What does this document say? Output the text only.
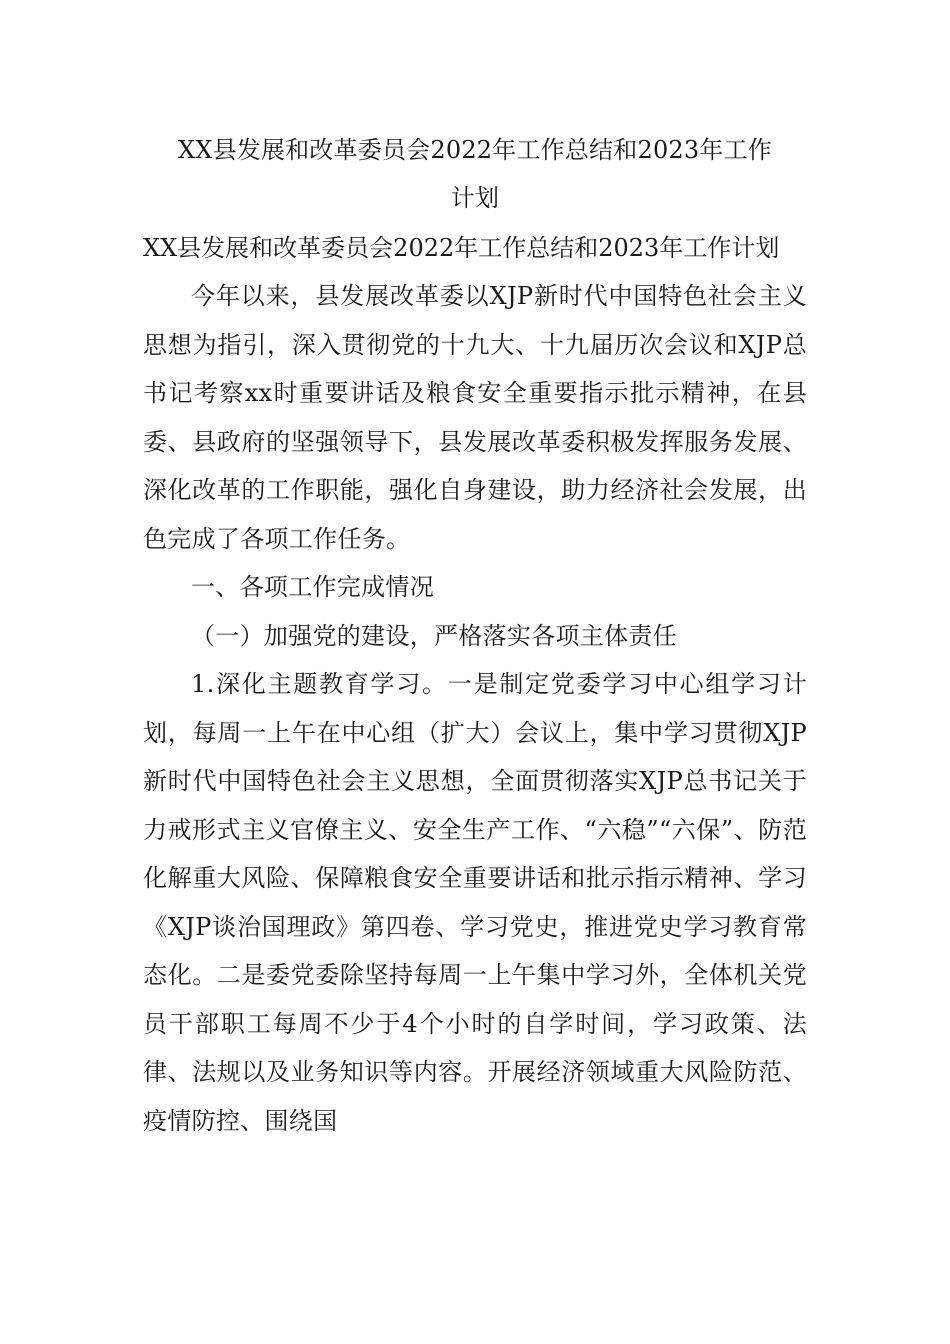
XX县发展和改革委员会2022年工作总结和2023年工作
计划

XX县发展和改革委员会2022年工作总结和2023年工作计划

今年以来，县发展改革委以XJP新时代中国特色社会主义思想为指引，深入贯彻党的十九大、十九届历次会议和XJP总书记考察xx时重要讲话及粮食安全重要指示批示精神，在县委、县政府的坚强领导下，县发展改革委积极发挥服务发展、深化改革的工作职能，强化自身建设，助力经济社会发展，出色完成了各项工作任务。

一、各项工作完成情况

（一）加强党的建设，严格落实各项主体责任

1.深化主题教育学习。一是制定党委学习中心组学习计划，每周一上午在中心组（扩大）会议上，集中学习贯彻XJP新时代中国特色社会主义思想，全面贯彻落实XJP总书记关于力戒形式主义官僚主义、安全生产工作、“六稳”“六保”、防范化解重大风险、保障粮食安全重要讲话和批示指示精神、学习《XJP谈治国理政》第四卷、学习党史，推进党史学习教育常态化。二是委党委除坚持每周一上午集中学习外，全体机关党员干部职工每周不少于4个小时的自学时间，学习政策、法律、法规以及业务知识等内容。开展经济领域重大风险防范、疫情防控、围绕国
